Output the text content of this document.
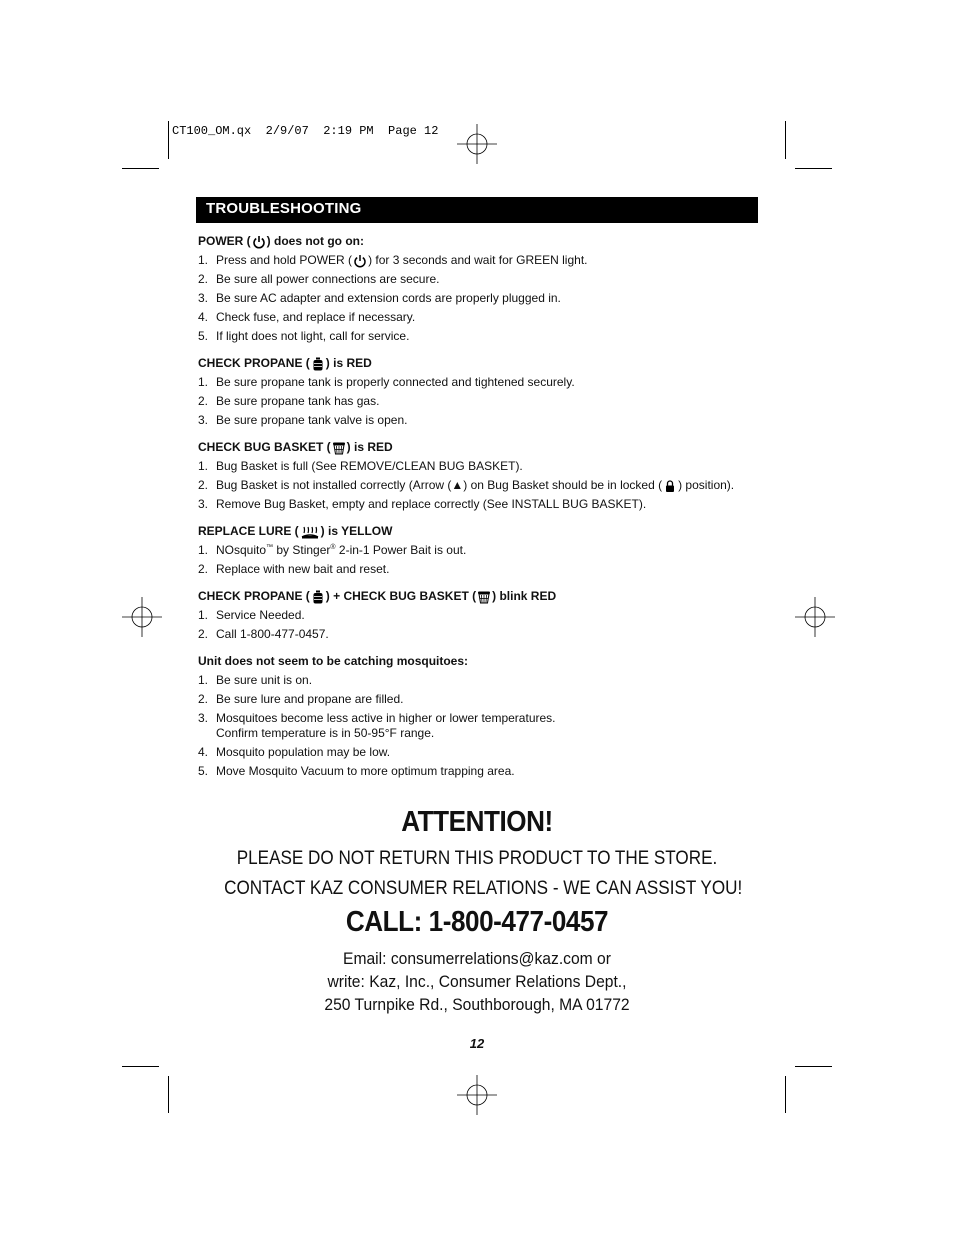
CT100_OM.qx  2/9/07  2:19 PM  Page 12
TROUBLESHOOTING
POWER ( ) does not go on:
1. Press and hold POWER ( ) for 3 seconds and wait for GREEN light.
2. Be sure all power connections are secure.
3. Be sure AC adapter and extension cords are properly plugged in.
4. Check fuse, and replace if necessary.
5. If light does not light, call for service.
CHECK PROPANE ( ) is RED
1. Be sure propane tank is properly connected and tightened securely.
2. Be sure propane tank has gas.
3. Be sure propane tank valve is open.
CHECK BUG BASKET ( ) is RED
1. Bug Basket is full (See REMOVE/CLEAN BUG BASKET).
2. Bug Basket is not installed correctly (Arrow (▲) on Bug Basket should be in locked ( ) position).
3. Remove Bug Basket, empty and replace correctly (See INSTALL BUG BASKET).
REPLACE LURE ( ) is YELLOW
1. NOsquito™ by Stinger® 2-in-1 Power Bait is out.
2. Replace with new bait and reset.
CHECK PROPANE ( ) + CHECK BUG BASKET ( ) blink RED
1. Service Needed.
2. Call 1-800-477-0457.
Unit does not seem to be catching mosquitoes:
1. Be sure unit is on.
2. Be sure lure and propane are filled.
3. Mosquitoes become less active in higher or lower temperatures.
Confirm temperature is in 50-95°F range.
4. Mosquito population may be low.
5. Move Mosquito Vacuum to more optimum trapping area.
ATTENTION!
PLEASE DO NOT RETURN THIS PRODUCT TO THE STORE.
CONTACT KAZ CONSUMER RELATIONS - WE CAN ASSIST YOU!
CALL: 1-800-477-0457
Email: consumerrelations@kaz.com or
write: Kaz, Inc., Consumer Relations Dept.,
250 Turnpike Rd., Southborough, MA 01772
12
